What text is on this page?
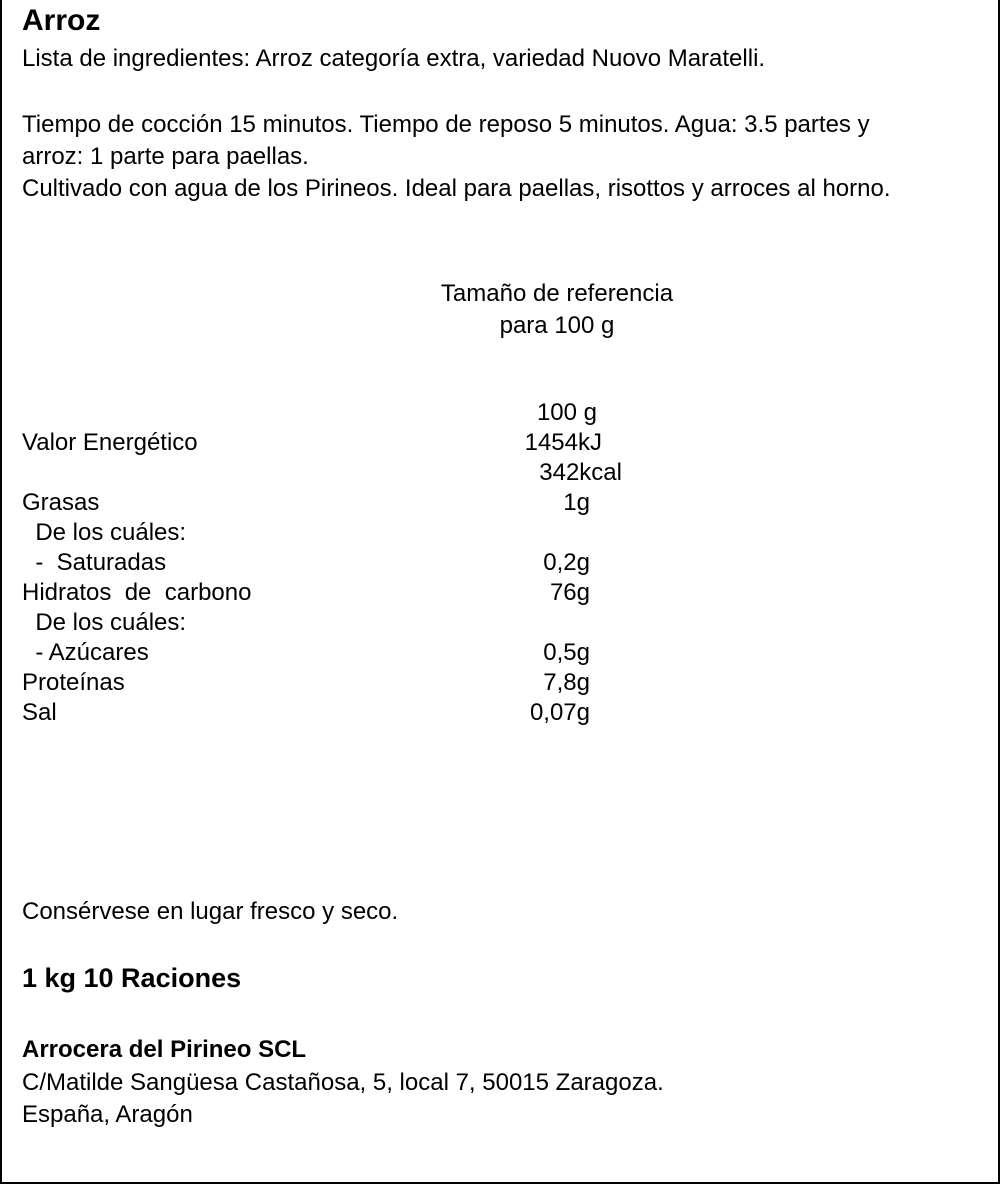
Arroz
Lista de ingredientes: Arroz categoría extra, variedad Nuovo Maratelli.
Tiempo de cocción 15 minutos. Tiempo de reposo 5 minutos. Agua: 3.5 partes y
arroz: 1 parte para paellas.
Cultivado con agua de los Pirineos. Ideal para paellas, risottos y arroces al horno.
Tamaño de referencia
para 100 g
100 g
Valor Energético	1454kJ
342kcal
Grasas	1g
De los cuáles:
-  Saturadas	0,2g
Hidratos  de  carbono	76g
De los cuáles:
- Azúcares	0,5g
Proteínas	7,8g
Sal	0,07g
Consérvese en lugar fresco y seco.
1 kg 10 Raciones
Arrocera del Pirineo SCL
C/Matilde Sangüesa Castañosa, 5, local 7, 50015 Zaragoza.
España, Aragón
